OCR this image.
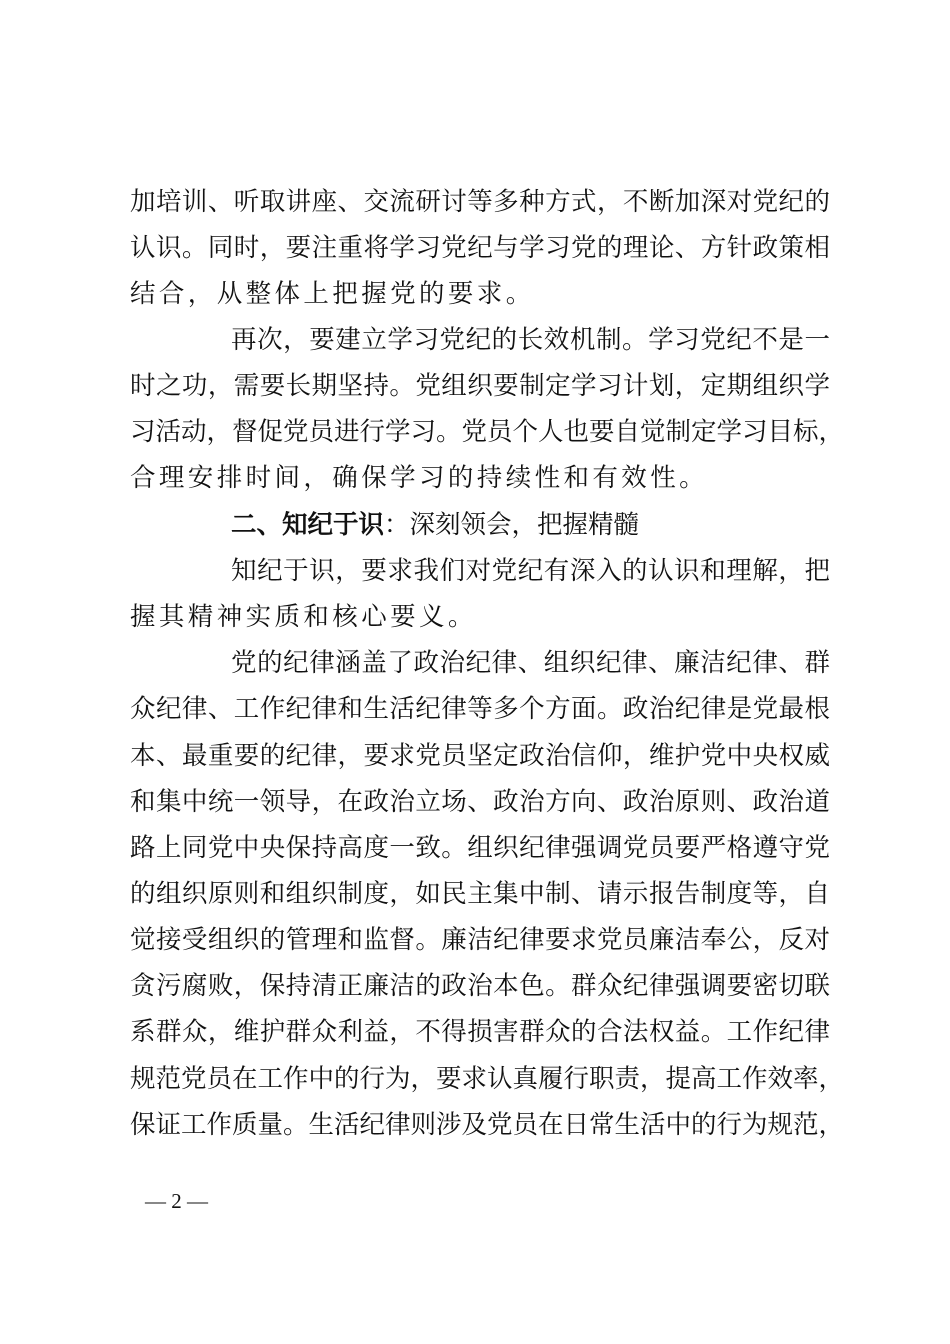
加培训、听取讲座、交流研讨等多种方式，不断加深对党纪的
认识。同时，要注重将学习党纪与学习党的理论、方针政策相
结合，从整体上把握党的要求。
再次，要建立学习党纪的长效机制。学习党纪不是一
时之功，需要长期坚持。党组织要制定学习计划，定期组织学
习活动，督促党员进行学习。党员个人也要自觉制定学习目标，
合理安排时间，确保学习的持续性和有效性。
二、知纪于识：深刻领会，把握精髓
知纪于识，要求我们对党纪有深入的认识和理解，把
握其精神实质和核心要义。
党的纪律涵盖了政治纪律、组织纪律、廉洁纪律、群
众纪律、工作纪律和生活纪律等多个方面。政治纪律是党最根
本、最重要的纪律，要求党员坚定政治信仰，维护党中央权威
和集中统一领导，在政治立场、政治方向、政治原则、政治道
路上同党中央保持高度一致。组织纪律强调党员要严格遵守党
的组织原则和组织制度，如民主集中制、请示报告制度等，自
觉接受组织的管理和监督。廉洁纪律要求党员廉洁奉公，反对
贪污腐败，保持清正廉洁的政治本色。群众纪律强调要密切联
系群众，维护群众利益，不得损害群众的合法权益。工作纪律
规范党员在工作中的行为，要求认真履行职责，提高工作效率，
保证工作质量。生活纪律则涉及党员在日常生活中的行为规范，
— 2 —
